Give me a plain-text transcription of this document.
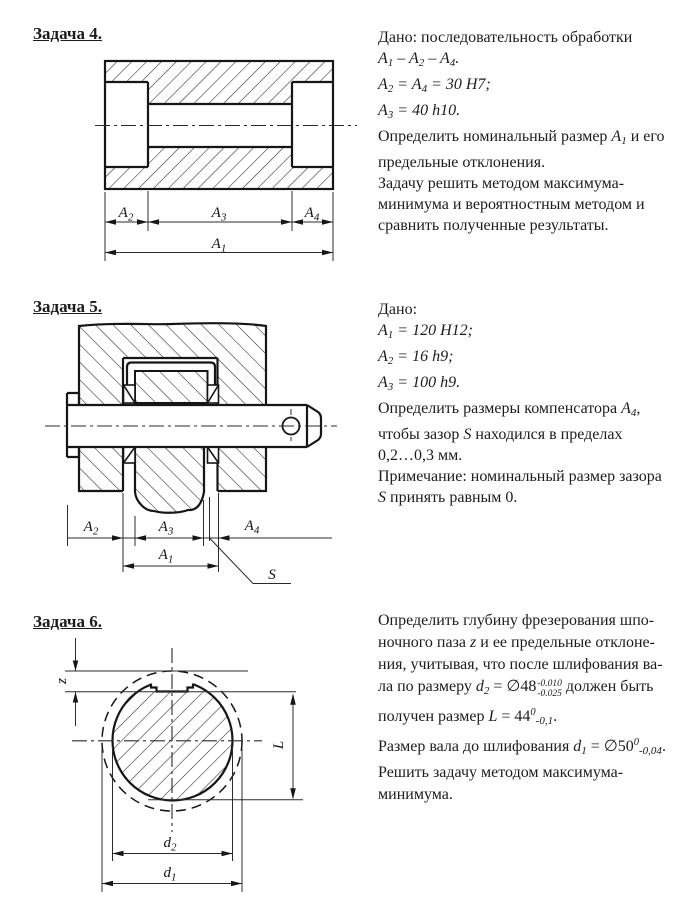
Задача 4.	Дано: последовательность обработки
A1 – A2 – A4.
A2 = A4 = 30 H7;
A3 = 40 h10.
Определить номинальный размер A1 и его
предельные отклонения.
Задачу решить методом максимума-
минимума и вероятностным методом и
сравнить полученные результаты.
$A_2$	$A_3$	$A_4$
$A_1$
Задача 5.	Дано:
A1 = 120 H12;
A2 = 16 h9;
A3 = 100 h9.
Определить размеры компенсатора A4,
чтобы зазор S находился в пределах
0,2…0,3 мм.
Примечание: номинальный размер зазора
S принять равным 0.
$A_2$	$A_3$	$A_4$
$A_1$
S
Задача 6.	Определить глубину фрезерования шпо-
ночного паза z и ее предельные отклоне-
ния, учитывая, что после шлифования ва-
ла по размеру d2 = ∅48 -0.010
-0.025 должен быть
получен размер $L = 44^0-0,1$.
Размер вала до шлифования $d1 = \emptyset 50^0-0,04$.
Решить задачу методом максимума-
минимума.
z
L
$d_2$
$d_1$
